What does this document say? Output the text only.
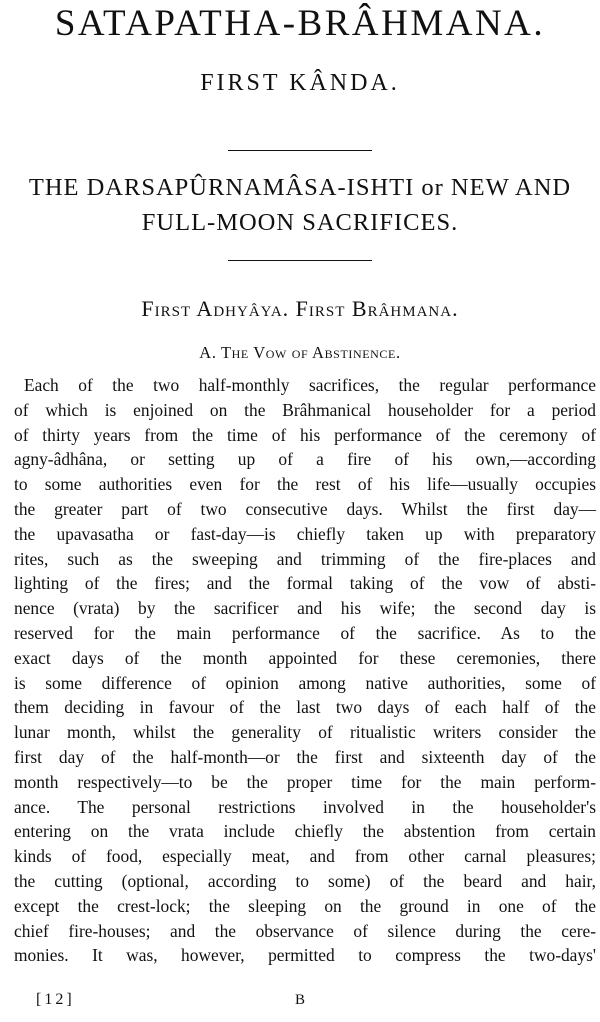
SATAPATHA-BRÂHMANA.
FIRST KÂNDA.
THE DARSAPÛRNAMÂSA-ISHTI or NEW AND
FULL-MOON SACRIFICES.
First Adhyâya. First Brâhmana.
A. The Vow of Abstinence.
Each of the two half-monthly sacrifices, the regular performance
of which is enjoined on the Brâhmanical householder for a period
of thirty years from the time of his performance of the ceremony of
agny-âdhâna, or setting up of a fire of his own,—according
to some authorities even for the rest of his life—usually occupies
the greater part of two consecutive days. Whilst the first day—
the upavasatha or fast-day—is chiefly taken up with preparatory
rites, such as the sweeping and trimming of the fire-places and
lighting of the fires; and the formal taking of the vow of absti-
nence (vrata) by the sacrificer and his wife; the second day is
reserved for the main performance of the sacrifice. As to the
exact days of the month appointed for these ceremonies, there
is some difference of opinion among native authorities, some of
them deciding in favour of the last two days of each half of the
lunar month, whilst the generality of ritualistic writers consider the
first day of the half-month—or the first and sixteenth day of the
month respectively—to be the proper time for the main perform-
ance. The personal restrictions involved in the householder's
entering on the vrata include chiefly the abstention from certain
kinds of food, especially meat, and from other carnal pleasures;
the cutting (optional, according to some) of the beard and hair,
except the crest-lock; the sleeping on the ground in one of the
chief fire-houses; and the observance of silence during the cere-
monies. It was, however, permitted to compress the two-days'
[12]	B
